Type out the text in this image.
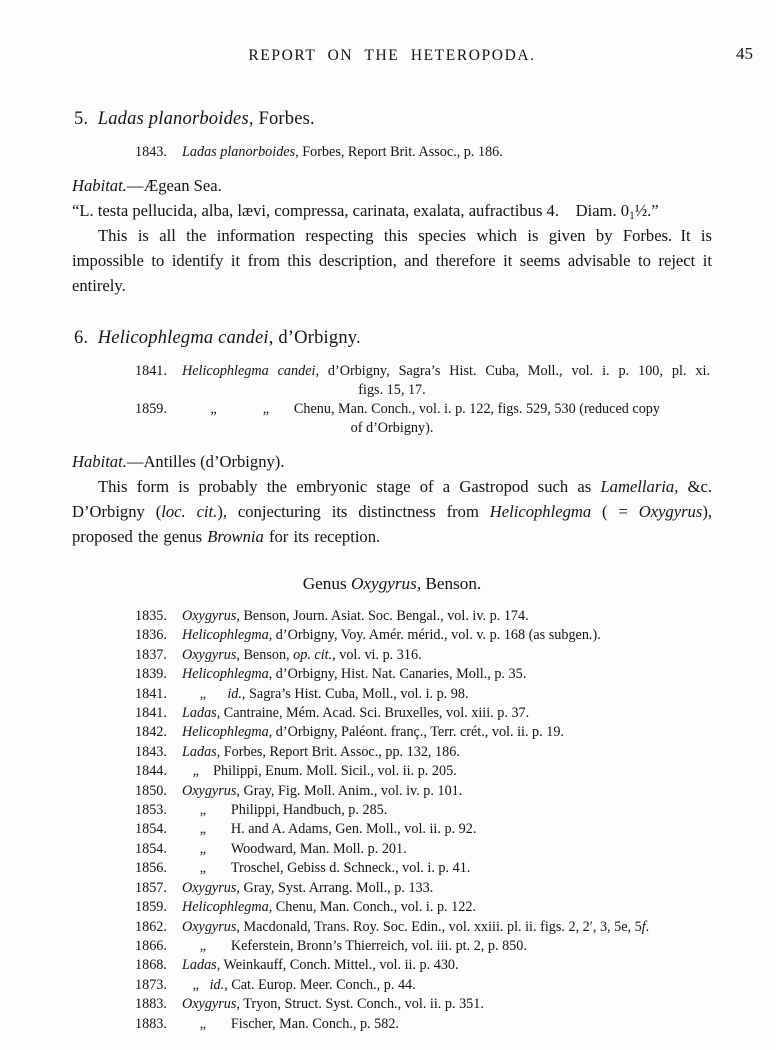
REPORT ON THE HETEROPODA.	45
5. Ladas planorboides, Forbes.
1843.	Ladas planorboides, Forbes, Report Brit. Assoc., p. 186.
Habitat.—Ægean Sea.
“L. testa pellucida, alba, lævi, compressa, carinata, exalata, aufractibus 4.  Diam. $0_1\frac{1}{2}$.”

This is all the information respecting this species which is given by Forbes. It is impossible to identify it from this description, and therefore it seems advisable to reject it entirely.

6. Helicophlegma candei, d’Orbigny.
1841.	Helicophlegma candei, d’Orbigny, Sagra’s Hist. Cuba, Moll., vol. i. p. 100, pl. xi.
figs. 15, 17.
1859.	„             „       Chenu, Man. Conch., vol. i. p. 122, figs. 529, 530 (reduced copy
of d’Orbigny).
Habitat.—Antilles (d’Orbigny).

This form is probably the embryonic stage of a Gastropod such as Lamellaria, &c. D’Orbigny (loc. cit.), conjecturing its distinctness from Helicophlegma ( = Oxygyrus), proposed the genus Brownia for its reception.

Genus Oxygyrus, Benson.
1835. Oxygyrus, Benson, Journ. Asiat. Soc. Bengal., vol. iv. p. 174.
1836. Helicophlegma, d’Orbigny, Voy. Amér. mérid., vol. v. p. 168 (as subgen.).
1837. Oxygyrus, Benson, op. cit., vol. vi. p. 316.
1839. Helicophlegma, d’Orbigny, Hist. Nat. Canaries, Moll., p. 35.
1841.     „      id., Sagra’s Hist. Cuba, Moll., vol. i. p. 98.
1841. Ladas, Cantraine, Mém. Acad. Sci. Bruxelles, vol. xiii. p. 37.
1842. Helicophlegma, d’Orbigny, Paléont. franç., Terr. crét., vol. ii. p. 19.
1843. Ladas, Forbes, Report Brit. Assoc., pp. 132, 186.
1844.   „    Philippi, Enum. Moll. Sicil., vol. ii. p. 205.
1850. Oxygyrus, Gray, Fig. Moll. Anim., vol. iv. p. 101.
1853.     „       Philippi, Handbuch, p. 285.
1854.     „       H. and A. Adams, Gen. Moll., vol. ii. p. 92.
1854.     „       Woodward, Man. Moll. p. 201.
1856.     „       Troschel, Gebiss d. Schneck., vol. i. p. 41.
1857. Oxygyrus, Gray, Syst. Arrang. Moll., p. 133.
1859. Helicophlegma, Chenu, Man. Conch., vol. i. p. 122.
1862. Oxygyrus, Macdonald, Trans. Roy. Soc. Edin., vol. xxiii. pl. ii. figs. 2, 2′, 3, 5e, 5f.
1866.     „       Keferstein, Bronn’s Thierreich, vol. iii. pt. 2, p. 850.
1868. Ladas, Weinkauff, Conch. Mittel., vol. ii. p. 430.
1873.   „   id., Cat. Europ. Meer. Conch., p. 44.
1883. Oxygyrus, Tryon, Struct. Syst. Conch., vol. ii. p. 351.
1883.     „       Fischer, Man. Conch., p. 582.
